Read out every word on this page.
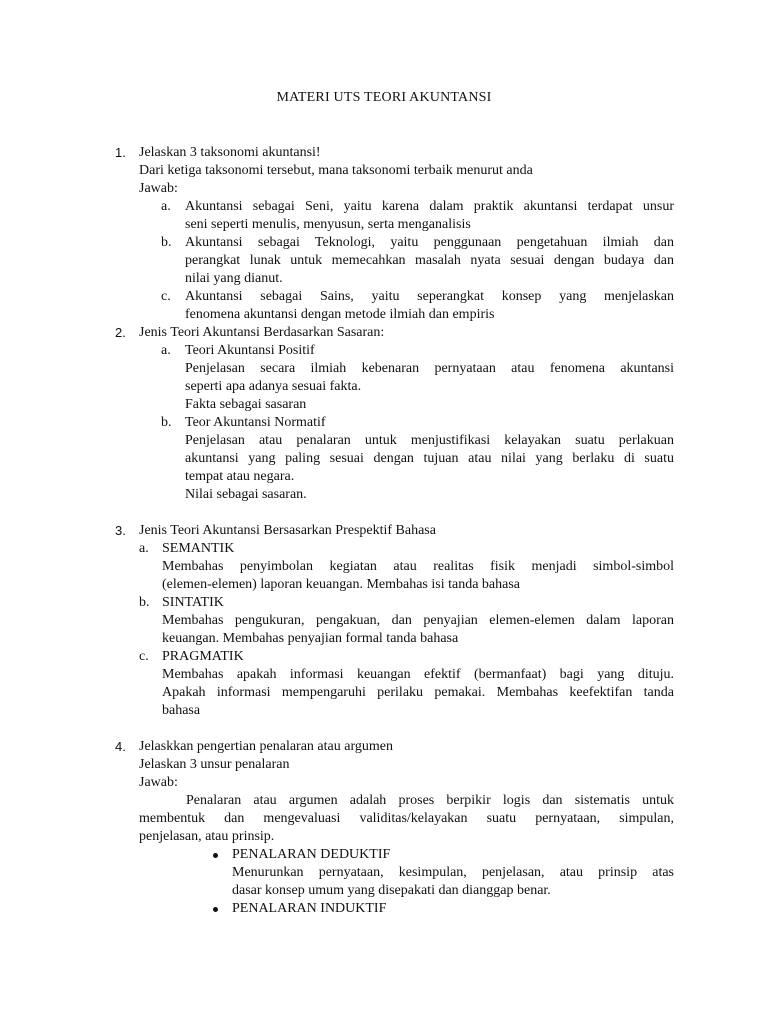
MATERI UTS TEORI AKUNTANSI
1. Jelaskan 3 taksonomi akuntansi!
Dari ketiga taksonomi tersebut, mana taksonomi terbaik menurut anda
Jawab:
a. Akuntansi sebagai Seni, yaitu karena dalam praktik akuntansi terdapat unsur
seni seperti menulis, menyusun, serta menganalisis
b. Akuntansi sebagai Teknologi, yaitu penggunaan pengetahuan ilmiah dan
perangkat lunak untuk memecahkan masalah nyata sesuai dengan budaya dan
nilai yang dianut.
c. Akuntansi sebagai Sains, yaitu seperangkat konsep yang menjelaskan
fenomena akuntansi dengan metode ilmiah dan empiris
2. Jenis Teori Akuntansi Berdasarkan Sasaran:
a. Teori Akuntansi Positif
Penjelasan secara ilmiah kebenaran pernyataan atau fenomena akuntansi
seperti apa adanya sesuai fakta.
Fakta sebagai sasaran
b. Teor Akuntansi Normatif
Penjelasan atau penalaran untuk menjustifikasi kelayakan suatu perlakuan
akuntansi yang paling sesuai dengan tujuan atau nilai yang berlaku di suatu
tempat atau negara.
Nilai sebagai sasaran.
3. Jenis Teori Akuntansi Bersasarkan Prespektif Bahasa
a. SEMANTIK
Membahas penyimbolan kegiatan atau realitas fisik menjadi simbol-simbol
(elemen-elemen) laporan keuangan. Membahas isi tanda bahasa
b. SINTATIK
Membahas pengukuran, pengakuan, dan penyajian elemen-elemen dalam laporan
keuangan. Membahas penyajian formal tanda bahasa
c. PRAGMATIK
Membahas apakah informasi keuangan efektif (bermanfaat) bagi yang dituju.
Apakah informasi mempengaruhi perilaku pemakai. Membahas keefektifan tanda
bahasa
4. Jelaskkan pengertian penalaran atau argumen
Jelaskan 3 unsur penalaran
Jawab:
Penalaran atau argumen adalah proses berpikir logis dan sistematis untuk
membentuk dan mengevaluasi validitas/kelayakan suatu pernyataan, simpulan,
penjelasan, atau prinsip.
PENALARAN DEDUKTIF
Menurunkan pernyataan, kesimpulan, penjelasan, atau prinsip atas
dasar konsep umum yang disepakati dan dianggap benar.
PENALARAN INDUKTIF
